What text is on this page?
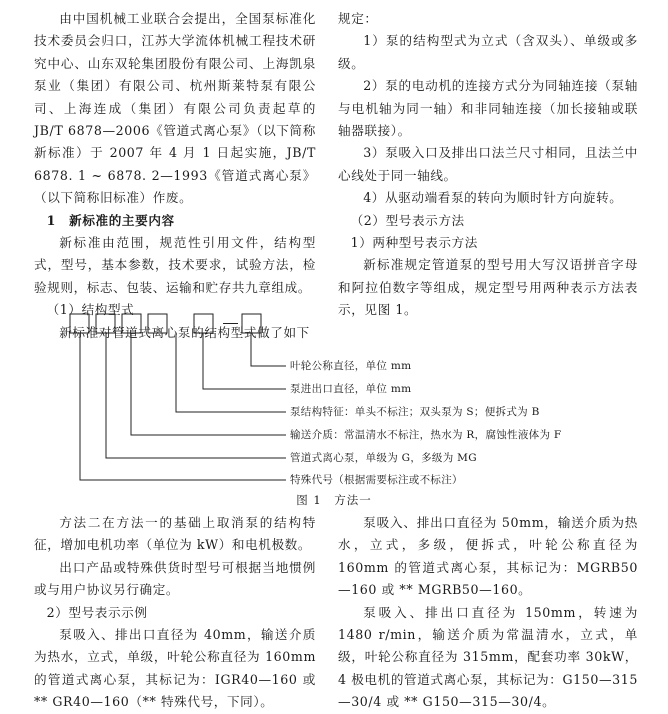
由中国机械工业联合会提出，全国泵标准化技术委员会归口，江苏大学流体机械工程技术研究中心、山东双轮集团股份有限公司、上海凯泉泵业（集团）有限公司、杭州斯莱特泵有限公司、上海连成（集团）有限公司负责起草的 JB/T 6878—2006《管道式离心泵》（以下简称新标准）于 2007 年 4 月 1 日起实施，JB/T 6878. 1 ~ 6878. 2—1993《管道式离心泵》（以下简称旧标准）作废。

1　新标准的主要内容

新标准由范围，规范性引用文件，结构型式，型号，基本参数，技术要求，试验方法，检验规则，标志、包装、运输和贮存共九章组成。

（1）结构型式

新标准对管道式离心泵的结构型式做了如下

规定：

1）泵的结构型式为立式（含双头）、单级或多级。

2）泵的电动机的连接方式分为同轴连接（泵轴与电机轴为同一轴）和非同轴连接（加长接轴或联轴器联接）。

3）泵吸入口及排出口法兰尺寸相同，且法兰中心线处于同一轴线。

4）从驱动端看泵的转向为顺时针方向旋转。

（2）型号表示方法

1）两种型号表示方法

新标准规定管道泵的型号用大写汉语拼音字母和阿拉伯数字等组成，规定型号用两种表示方法表示，见图 1。

叶轮公称直径，单位 mm
泵进出口直径，单位 mm
泵结构特征：单头不标注；双头泵为 S；便拆式为 B
输送介质：常温清水不标注，热水为 R，腐蚀性液体为 F
管道式离心泵，单级为 G，多级为 MG
特殊代号（根据需要标注或不标注）
图 1　方法一

方法二在方法一的基础上取消泵的结构特征，增加电机功率（单位为 kW）和电机极数。

出口产品或特殊供货时型号可根据当地惯例或与用户协议另行确定。

2）型号表示示例

泵吸入、排出口直径为 40mm，输送介质为热水，立式，单级，叶轮公称直径为 160mm 的管道式离心泵，其标记为：IGR40—160 或 ** GR40—160（** 特殊代号，下同）。

泵吸入、排出口直径为 50mm，输送介质为热水，立式，多级，便拆式，叶轮公称直径为 160mm 的管道式离心泵，其标记为：MGRB50—160 或 ** MGRB50—160。

泵吸入、排出口直径为 150mm，转速为 1480 r/min，输送介质为常温清水，立式，单级，叶轮公称直径为 315mm，配套功率 30kW，4 极电机的管道式离心泵，其标记为：G150—315—30/4 或 ** G150—315—30/4。
